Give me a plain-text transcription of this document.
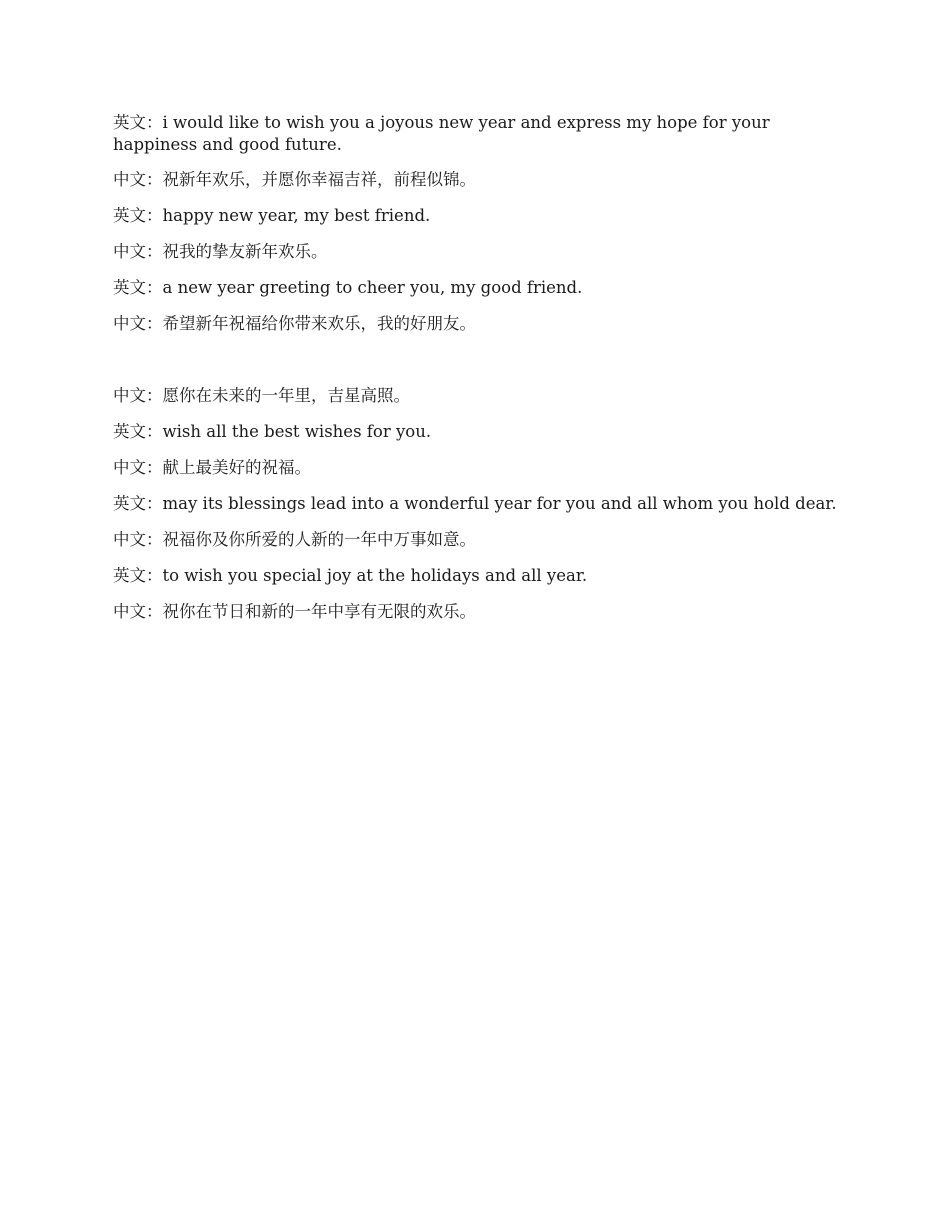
英文：i would like to wish you a joyous new year and express my hope for your happiness and good future.

中文：祝新年欢乐，并愿你幸福吉祥，前程似锦。

英文：happy new year, my best friend.

中文：祝我的挚友新年欢乐。

英文：a new year greeting to cheer you, my good friend.

中文：希望新年祝福给你带来欢乐，我的好朋友。

中文：愿你在未来的一年里，吉星高照。

英文：wish all the best wishes for you.

中文：献上最美好的祝福。

英文：may its blessings lead into a wonderful year for you and all whom you hold dear.

中文：祝福你及你所爱的人新的一年中万事如意。

英文：to wish you special joy at the holidays and all year.

中文：祝你在节日和新的一年中享有无限的欢乐。
